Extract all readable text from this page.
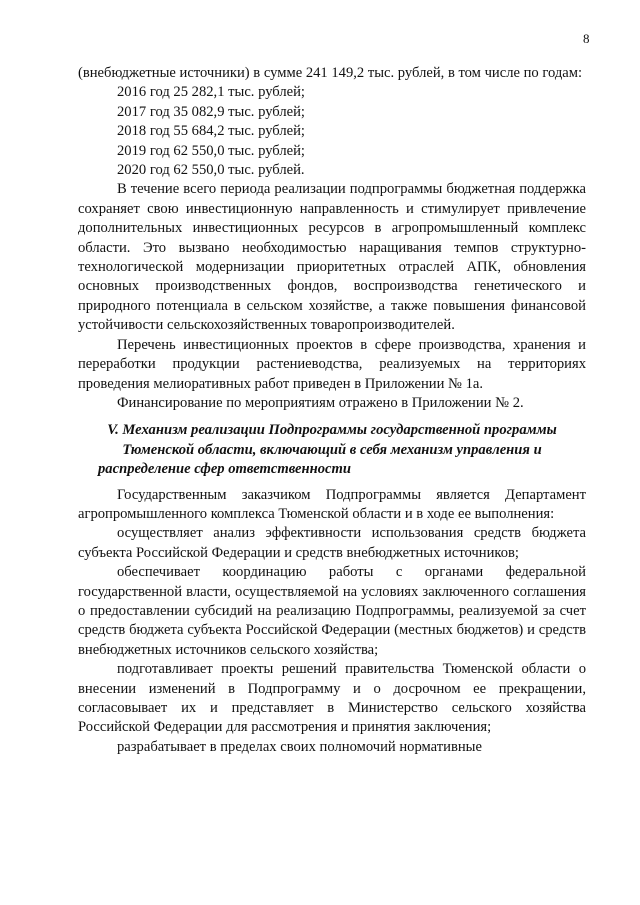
8

(внебюджетные источники) в сумме 241 149,2 тыс. рублей, в том числе по годам:

2016 год 25 282,1 тыс. рублей;

2017 год 35 082,9 тыс. рублей;

2018 год 55 684,2 тыс. рублей;

2019 год 62 550,0 тыс. рублей;

2020 год 62 550,0 тыс. рублей.

В течение всего периода реализации подпрограммы бюджетная поддержка сохраняет свою инвестиционную направленность и стимулирует привлечение дополнительных инвестиционных ресурсов в агропромышленный комплекс области. Это вызвано необходимостью наращивания темпов структурно-технологической модернизации приоритетных отраслей АПК, обновления основных производственных фондов, воспроизводства генетического и природного потенциала в сельском хозяйстве, а также повышения финансовой устойчивости сельскохозяйственных товаропроизводителей.

Перечень инвестиционных проектов в сфере производства, хранения и переработки продукции растениеводства, реализуемых на территориях проведения мелиоративных работ приведен в Приложении № 1а.

Финансирование по мероприятиям отражено в Приложении № 2.

V. Механизм реализации Подпрограммы государственной программы Тюменской области, включающий в себя механизм управления и распределение сфер ответственности

Государственным заказчиком Подпрограммы является Департамент агропромышленного комплекса Тюменской области и в ходе ее выполнения:

осуществляет анализ эффективности использования средств бюджета субъекта Российской Федерации и средств внебюджетных источников;

обеспечивает координацию работы с органами федеральной государственной власти, осуществляемой на условиях заключенного соглашения о предоставлении субсидий на реализацию Подпрограммы, реализуемой за счет средств бюджета субъекта Российской Федерации (местных бюджетов) и средств внебюджетных источников сельского хозяйства;

подготавливает проекты решений правительства Тюменской области о внесении изменений в Подпрограмму и о досрочном ее прекращении, согласовывает их и представляет в Министерство сельского хозяйства Российской Федерации для рассмотрения и принятия заключения;

разрабатывает в пределах своих полномочий нормативные
